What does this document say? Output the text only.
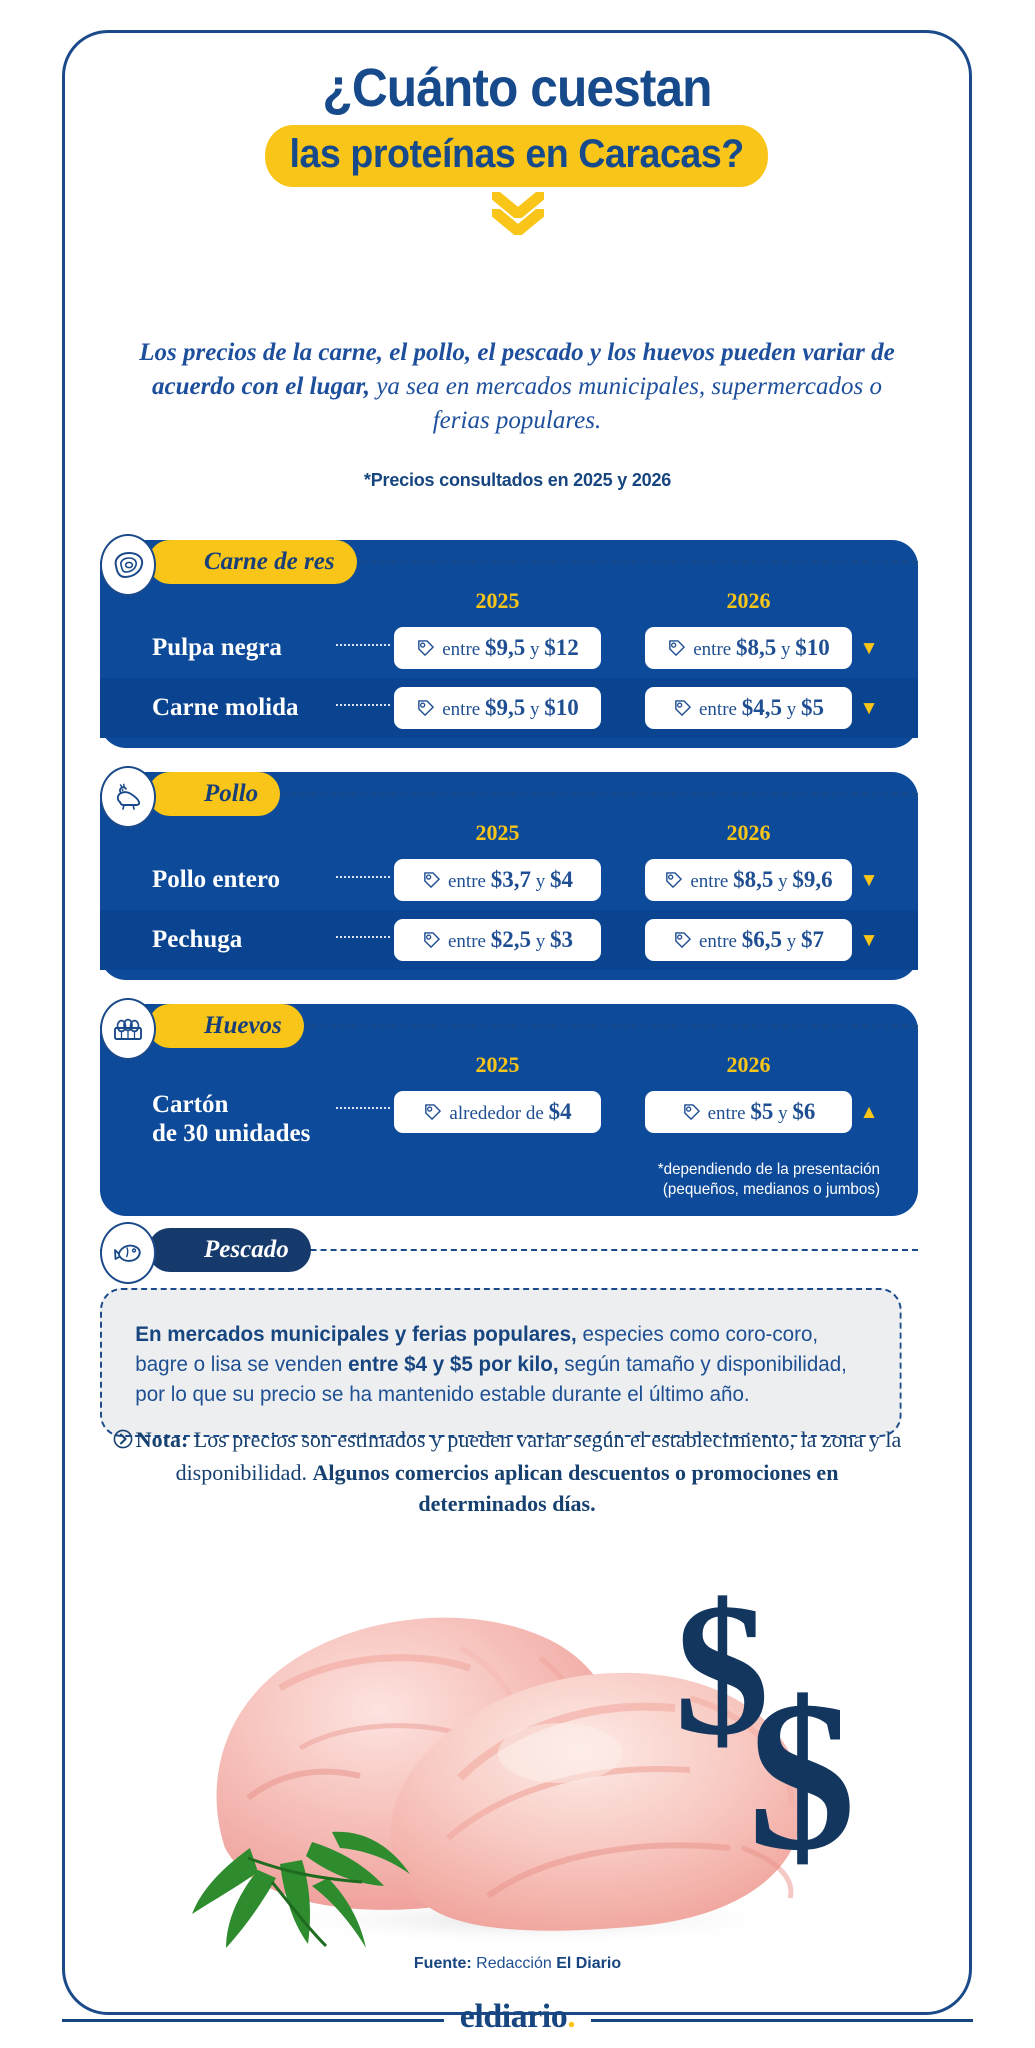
¿Cuánto cuestan
las proteínas en Caracas?
Los precios de la carne, el pollo, el pescado y los huevos pueden variar de acuerdo con el lugar, ya sea en mercados municipales, supermercados o ferias populares.
*Precios consultados en 2025 y 2026
Carne de res
2025	2026
Pulpa negra	entre $9,5 y $12	entre $8,5 y $10 ▼
Carne molida	entre $9,5 y $10	entre $4,5 y $5 ▼
Pollo
2025	2026
Pollo entero	entre $3,7 y $4	entre $8,5 y $9,6 ▼
Pechuga	entre $2,5 y $3	entre $6,5 y $7 ▼
Huevos
2025	2026
Cartón
de 30 unidades
alrededor de $4	entre $5 y $6 ▲
*dependiendo de la presentación
(pequeños, medianos o jumbos)
Pescado
En mercados municipales y ferias populares, especies como coro-coro, bagre o lisa se venden entre $4 y $5 por kilo, según tamaño y disponibilidad, por lo que su precio se ha mantenido estable durante el último año.
Nota: Los precios son estimados y pueden variar según el establecimiento, la zona y la disponibilidad. Algunos comercios aplican descuentos o promociones en determinados días.
$
$
Fuente: Redacción El Diario
eldiario.
